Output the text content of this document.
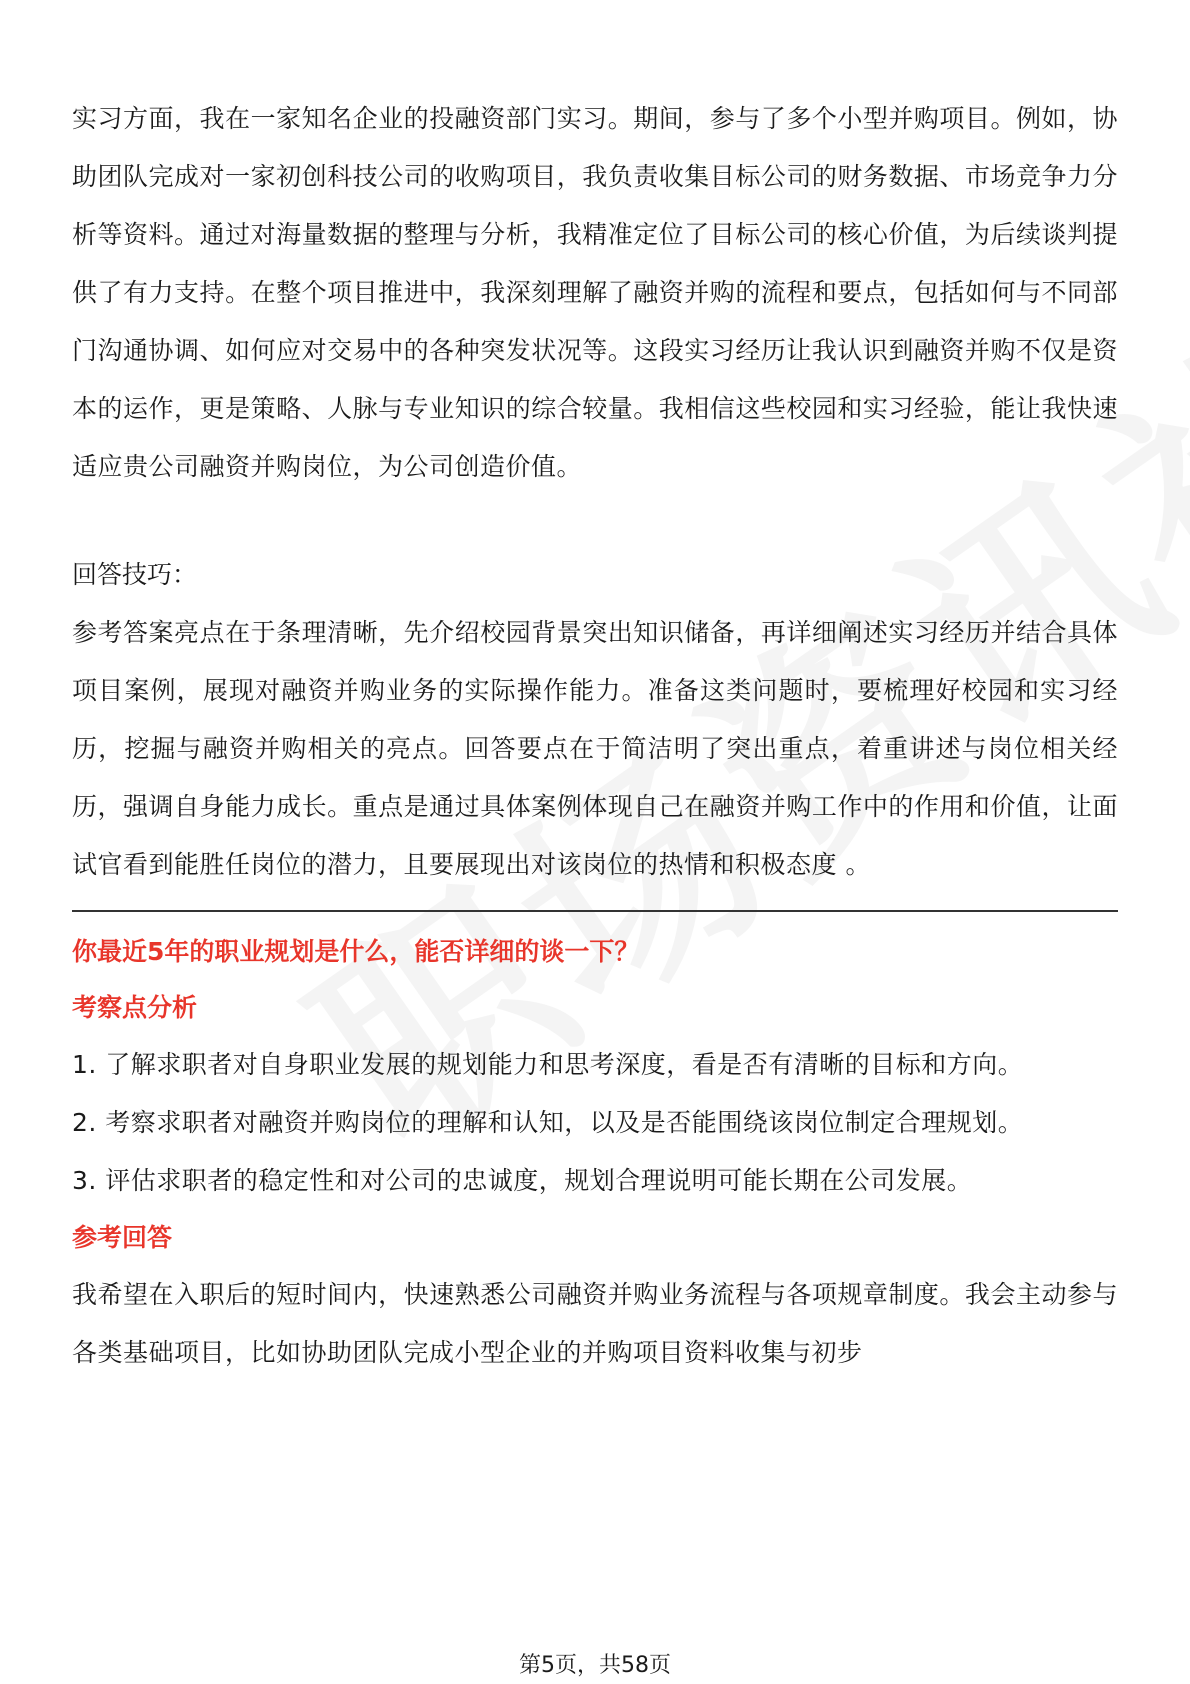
实习方面，我在一家知名企业的投融资部门实习。期间，参与了多个小型并购项目。例如，协助团队完成对一家初创科技公司的收购项目，我负责收集目标公司的财务数据、市场竞争力分析等资料。通过对海量数据的整理与分析，我精准定位了目标公司的核心价值，为后续谈判提供了有力支持。在整个项目推进中，我深刻理解了融资并购的流程和要点，包括如何与不同部门沟通协调、如何应对交易中的各种突发状况等。这段实习经历让我认识到融资并购不仅是资本的运作，更是策略、人脉与专业知识的综合较量。我相信这些校园和实习经验，能让我快速适应贵公司融资并购岗位，为公司创造价值。

回答技巧：

参考答案亮点在于条理清晰，先介绍校园背景突出知识储备，再详细阐述实习经历并结合具体项目案例，展现对融资并购业务的实际操作能力。准备这类问题时，要梳理好校园和实习经历，挖掘与融资并购相关的亮点。回答要点在于简洁明了突出重点，着重讲述与岗位相关经历，强调自身能力成长。重点是通过具体案例体现自己在融资并购工作中的作用和价值，让面试官看到能胜任岗位的潜力，且要展现出对该岗位的热情和积极态度 。

你最近5年的职业规划是什么，能否详细的谈一下？

考察点分析

1. 了解求职者对自身职业发展的规划能力和思考深度，看是否有清晰的目标和方向。

2. 考察求职者对融资并购岗位的理解和认知，以及是否能围绕该岗位制定合理规划。

3. 评估求职者的稳定性和对公司的忠诚度，规划合理说明可能长期在公司发展。

参考回答

我希望在入职后的短时间内，快速熟悉公司融资并购业务流程与各项规章制度。我会主动参与各类基础项目，比如协助团队完成小型企业的并购项目资料收集与初步

第5页，共58页
